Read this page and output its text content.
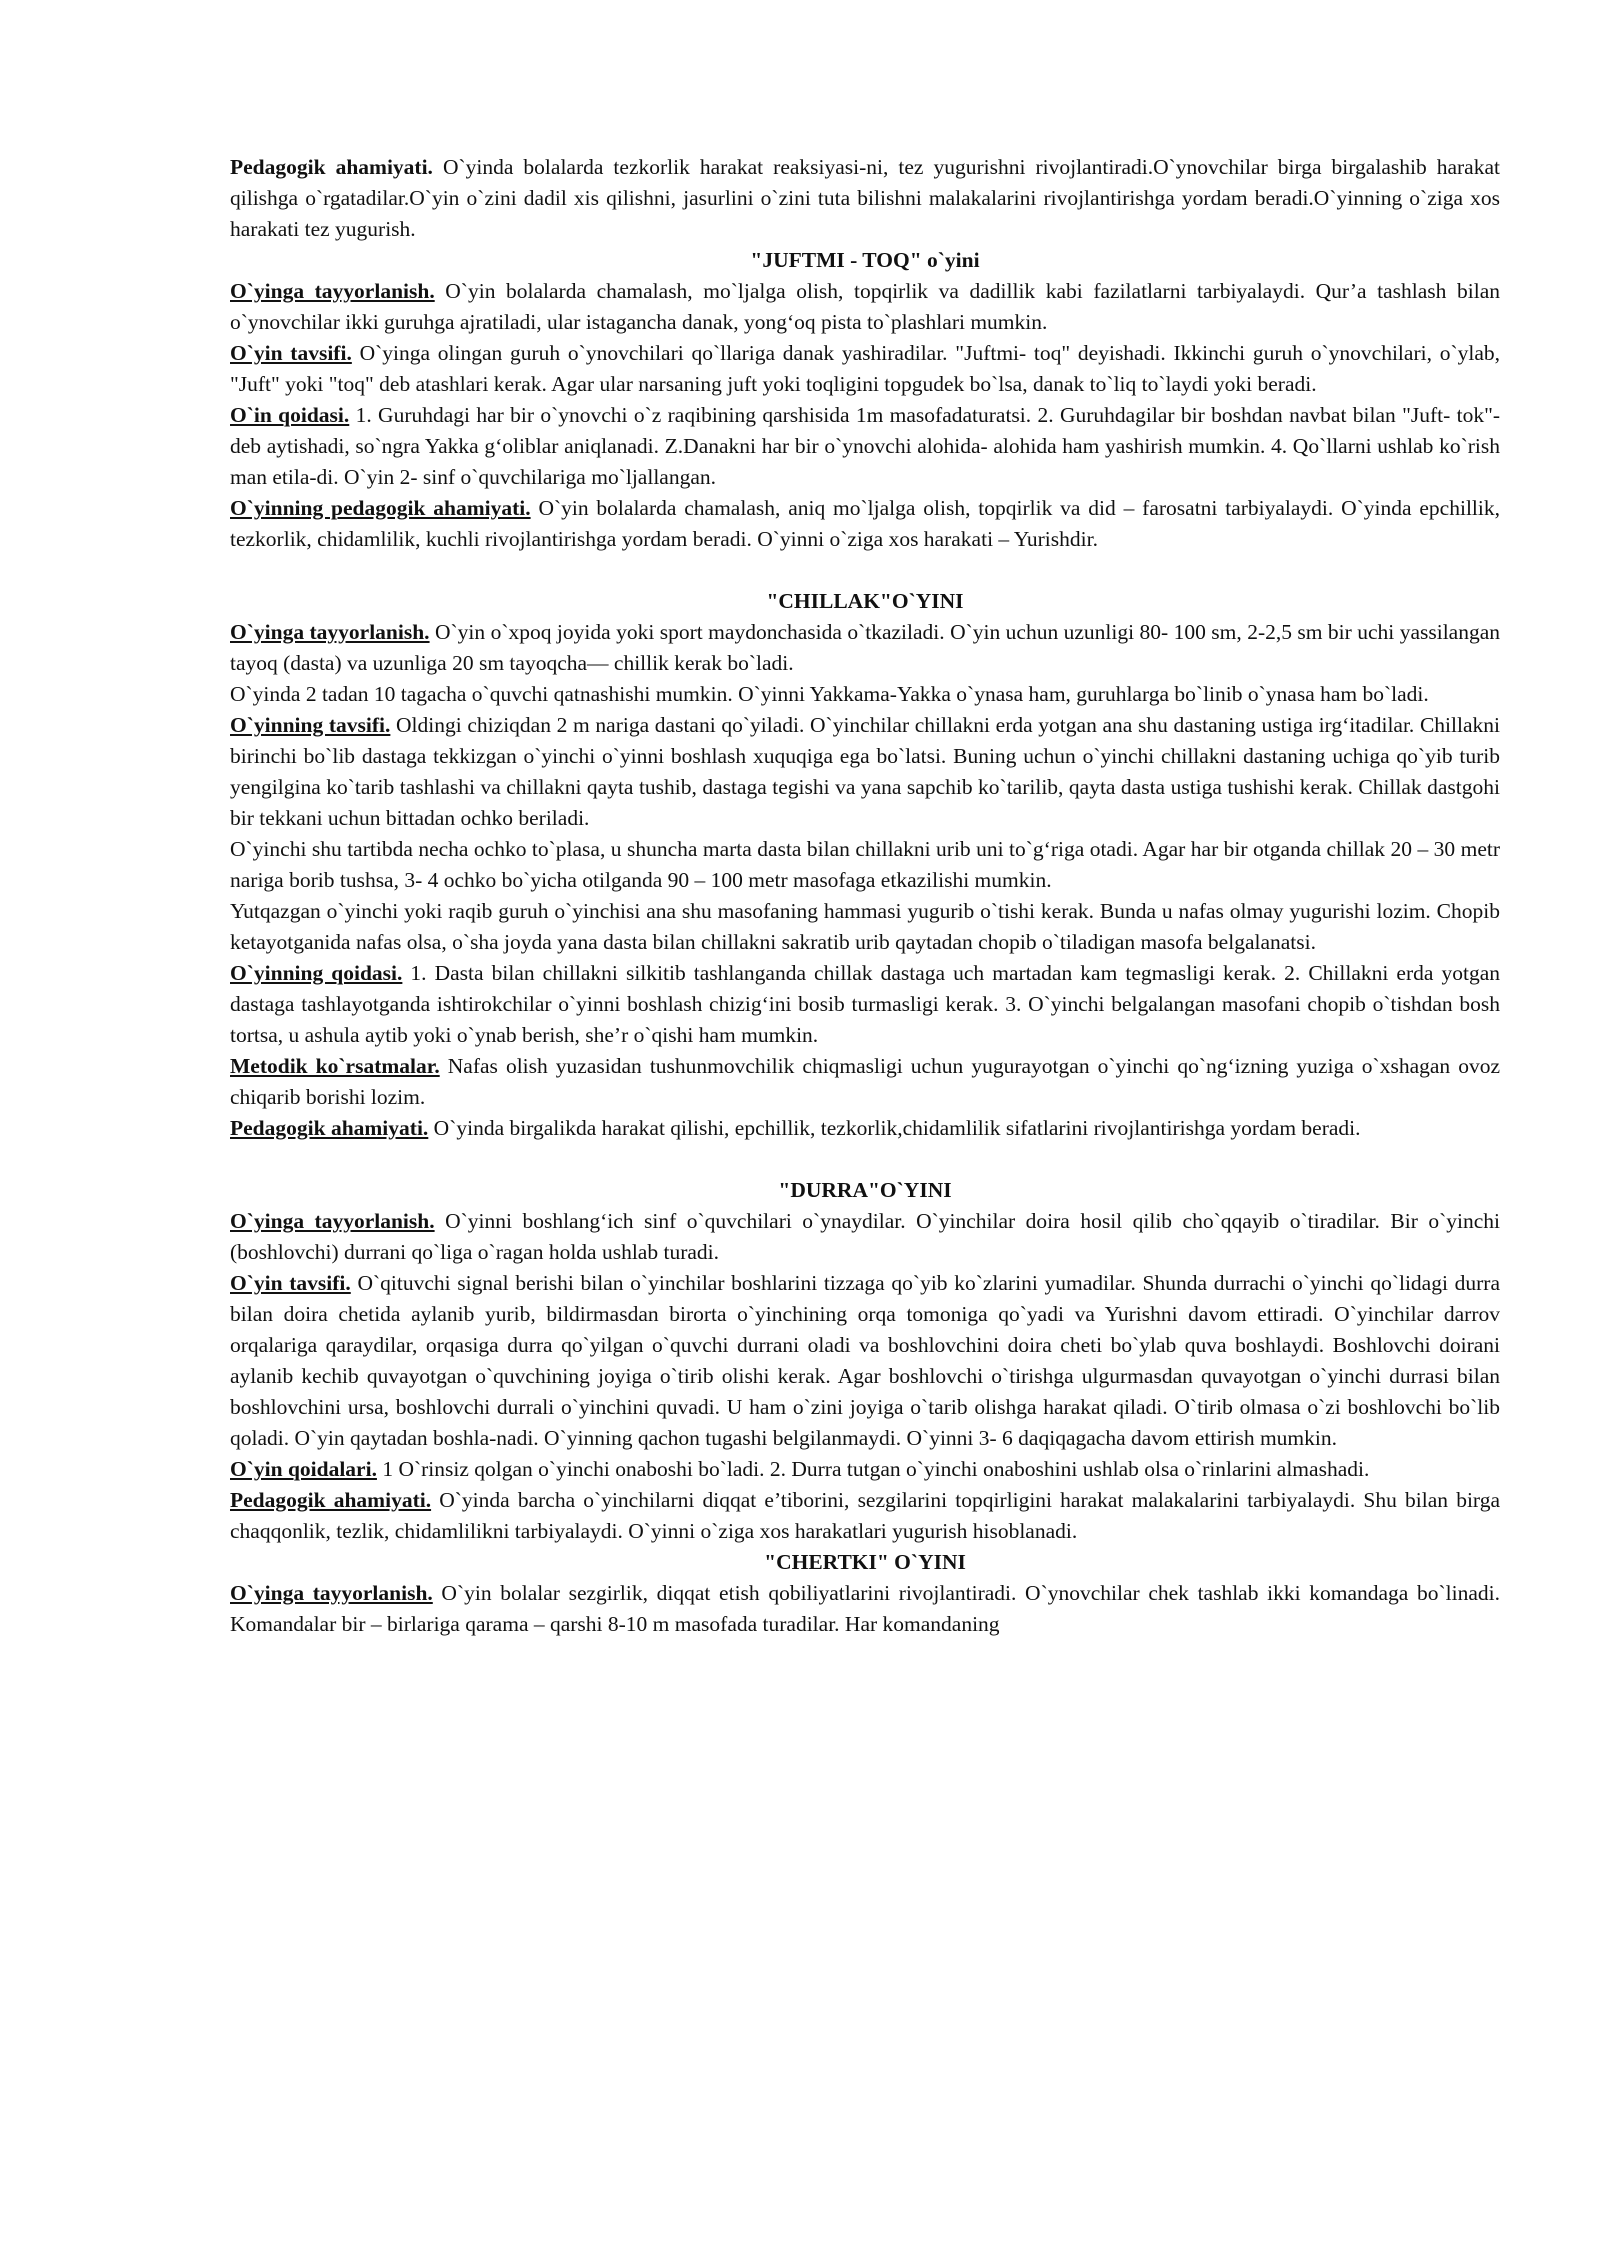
Pedagogik ahamiyati. O`yinda bolalarda tezkorlik harakat reaksiyasi-ni, tez yugurishni rivojlantiradi.O`ynovchilar birga birgalashib harakat qilishga o`rgatadilar.O`yin o`zini dadil xis qilishni, jasurlini o`zini tuta bilishni malakalarini rivojlantirishga yordam beradi.O`yinning o`ziga xos harakati tez yugurish.

"JUFTMI - TOQ" o`yini

O`yinga tayyorlanish. O`yin bolalarda chamalash, mo`ljalga olish, topqirlik va dadillik kabi fazilatlarni tarbiyalaydi. Qur’a tashlash bilan o`ynovchilar ikki guruhga ajratiladi, ular istagancha danak, yong‘oq pista to`plashlari mumkin.

O`yin tavsifi. O`yinga olingan guruh o`ynovchilari qo`llariga danak yashiradilar. "Juftmi- toq" deyishadi. Ikkinchi guruh o`ynovchilari, o`ylab, "Juft" yoki "toq" deb atashlari kerak. Agar ular narsaning juft yoki toqligini topgudek bo`lsa, danak to`liq to`laydi yoki beradi.

O`in qoidasi. 1. Guruhdagi har bir o`ynovchi o`z raqibining qarshisida 1m masofadaturatsi. 2. Guruhdagilar bir boshdan navbat bilan "Juft- tok"-deb aytishadi, so`ngra Yakka g‘oliblar aniqlanadi. Z.Danakni har bir o`ynovchi alohida- alohida ham yashirish mumkin. 4. Qo`llarni ushlab ko`rish man etila-di. O`yin 2- sinf o`quvchilariga mo`ljallangan.

O`yinning pedagogik ahamiyati. O`yin bolalarda chamalash, aniq mo`ljalga olish, topqirlik va did – farosatni tarbiyalaydi. O`yinda epchillik, tezkorlik, chidamlilik, kuchli rivojlantirishga yordam beradi. O`yinni o`ziga xos harakati – Yurishdir.

"CHILLAK"O`YINI

O`yinga tayyorlanish. O`yin o`xpoq joyida yoki sport maydonchasida o`tkaziladi. O`yin uchun uzunligi 80- 100 sm, 2-2,5 sm bir uchi yassilangan tayoq (dasta) va uzunliga 20 sm tayoqcha— chillik kerak bo`ladi.

O`yinda 2 tadan 10 tagacha o`quvchi qatnashishi mumkin. O`yinni Yakkama-Yakka o`ynasa ham, guruhlarga bo`linib o`ynasa ham bo`ladi.

O`yinning tavsifi. Oldingi chiziqdan 2 m nariga dastani qo`yiladi. O`yinchilar chillakni erda yotgan ana shu dastaning ustiga irg‘itadilar. Chillakni birinchi bo`lib dastaga tekkizgan o`yinchi o`yinni boshlash xuquqiga ega bo`latsi. Buning uchun o`yinchi chillakni dastaning uchiga qo`yib turib yengilgina ko`tarib tashlashi va chillakni qayta tushib, dastaga tegishi va yana sapchib ko`tarilib, qayta dasta ustiga tushishi kerak. Chillak dastgohi bir tekkani uchun bittadan ochko beriladi.

O`yinchi shu tartibda necha ochko to`plasa, u shuncha marta dasta bilan chillakni urib uni to`g‘riga otadi. Agar har bir otganda chillak 20 – 30 metr nariga borib tushsa, 3- 4 ochko bo`yicha otilganda 90 – 100 metr masofaga etkazilishi mumkin.

Yutqazgan o`yinchi yoki raqib guruh o`yinchisi ana shu masofaning hammasi yugurib o`tishi kerak. Bunda u nafas olmay yugurishi lozim. Chopib ketayotganida nafas olsa, o`sha joyda yana dasta bilan chillakni sakratib urib qaytadan chopib o`tiladigan masofa belgalanatsi.

O`yinning qoidasi. 1. Dasta bilan chillakni silkitib tashlanganda chillak dastaga uch martadan kam tegmasligi kerak. 2. Chillakni erda yotgan dastaga tashlayotganda ishtirokchilar o`yinni boshlash chizig‘ini bosib turmasligi kerak. 3. O`yinchi belgalangan masofani chopib o`tishdan bosh tortsa, u ashula aytib yoki o`ynab berish, she’r o`qishi ham mumkin.

Metodik ko`rsatmalar. Nafas olish yuzasidan tushunmovchilik chiqmasligi uchun yugurayotgan o`yinchi qo`ng‘izning yuziga o`xshagan ovoz chiqarib borishi lozim.

Pedagogik ahamiyati. O`yinda birgalikda harakat qilishi, epchillik, tezkorlik,chidamlilik sifatlarini rivojlantirishga yordam beradi.

"DURRA"O`YINI

O`yinga tayyorlanish. O`yinni boshlang‘ich sinf o`quvchilari o`ynaydilar. O`yinchilar doira hosil qilib cho`qqayib o`tiradilar. Bir o`yinchi (boshlovchi) durrani qo`liga o`ragan holda ushlab turadi.

O`yin tavsifi. O`qituvchi signal berishi bilan o`yinchilar boshlarini tizzaga qo`yib ko`zlarini yumadilar. Shunda durrachi o`yinchi qo`lidagi durra bilan doira chetida aylanib yurib, bildirmasdan birorta o`yinchining orqa tomoniga qo`yadi va Yurishni davom ettiradi. O`yinchilar darrov orqalariga qaraydilar, orqasiga durra qo`yilgan o`quvchi durrani oladi va boshlovchini doira cheti bo`ylab quva boshlaydi. Boshlovchi doirani aylanib kechib quvayotgan o`quvchining joyiga o`tirib olishi kerak. Agar boshlovchi o`tirishga ulgurmasdan quvayotgan o`yinchi durrasi bilan boshlovchini ursa, boshlovchi durrali o`yinchini quvadi. U ham o`zini joyiga o`tarib olishga harakat qiladi. O`tirib olmasa o`zi boshlovchi bo`lib qoladi. O`yin qaytadan boshla-nadi. O`yinning qachon tugashi belgilanmaydi. O`yinni 3- 6 daqiqagacha davom ettirish mumkin.

O`yin qoidalari. 1 O`rinsiz qolgan o`yinchi onaboshi bo`ladi. 2. Durra tutgan o`yinchi onaboshini ushlab olsa o`rinlarini almashadi.

Pedagogik ahamiyati. O`yinda barcha o`yinchilarni diqqat e’tiborini, sezgilarini topqirligini harakat malakalarini tarbiyalaydi. Shu bilan birga chaqqonlik, tezlik, chidamlilikni tarbiyalaydi. O`yinni o`ziga xos harakatlari yugurish hisoblanadi.

"CHERTKI" O`YINI

O`yinga tayyorlanish. O`yin bolalar sezgirlik, diqqat etish qobiliyatlarini rivojlantiradi. O`ynovchilar chek tashlab ikki komandaga bo`linadi. Komandalar bir – birlariga qarama – qarshi 8-10 m masofada turadilar. Har komandaning
